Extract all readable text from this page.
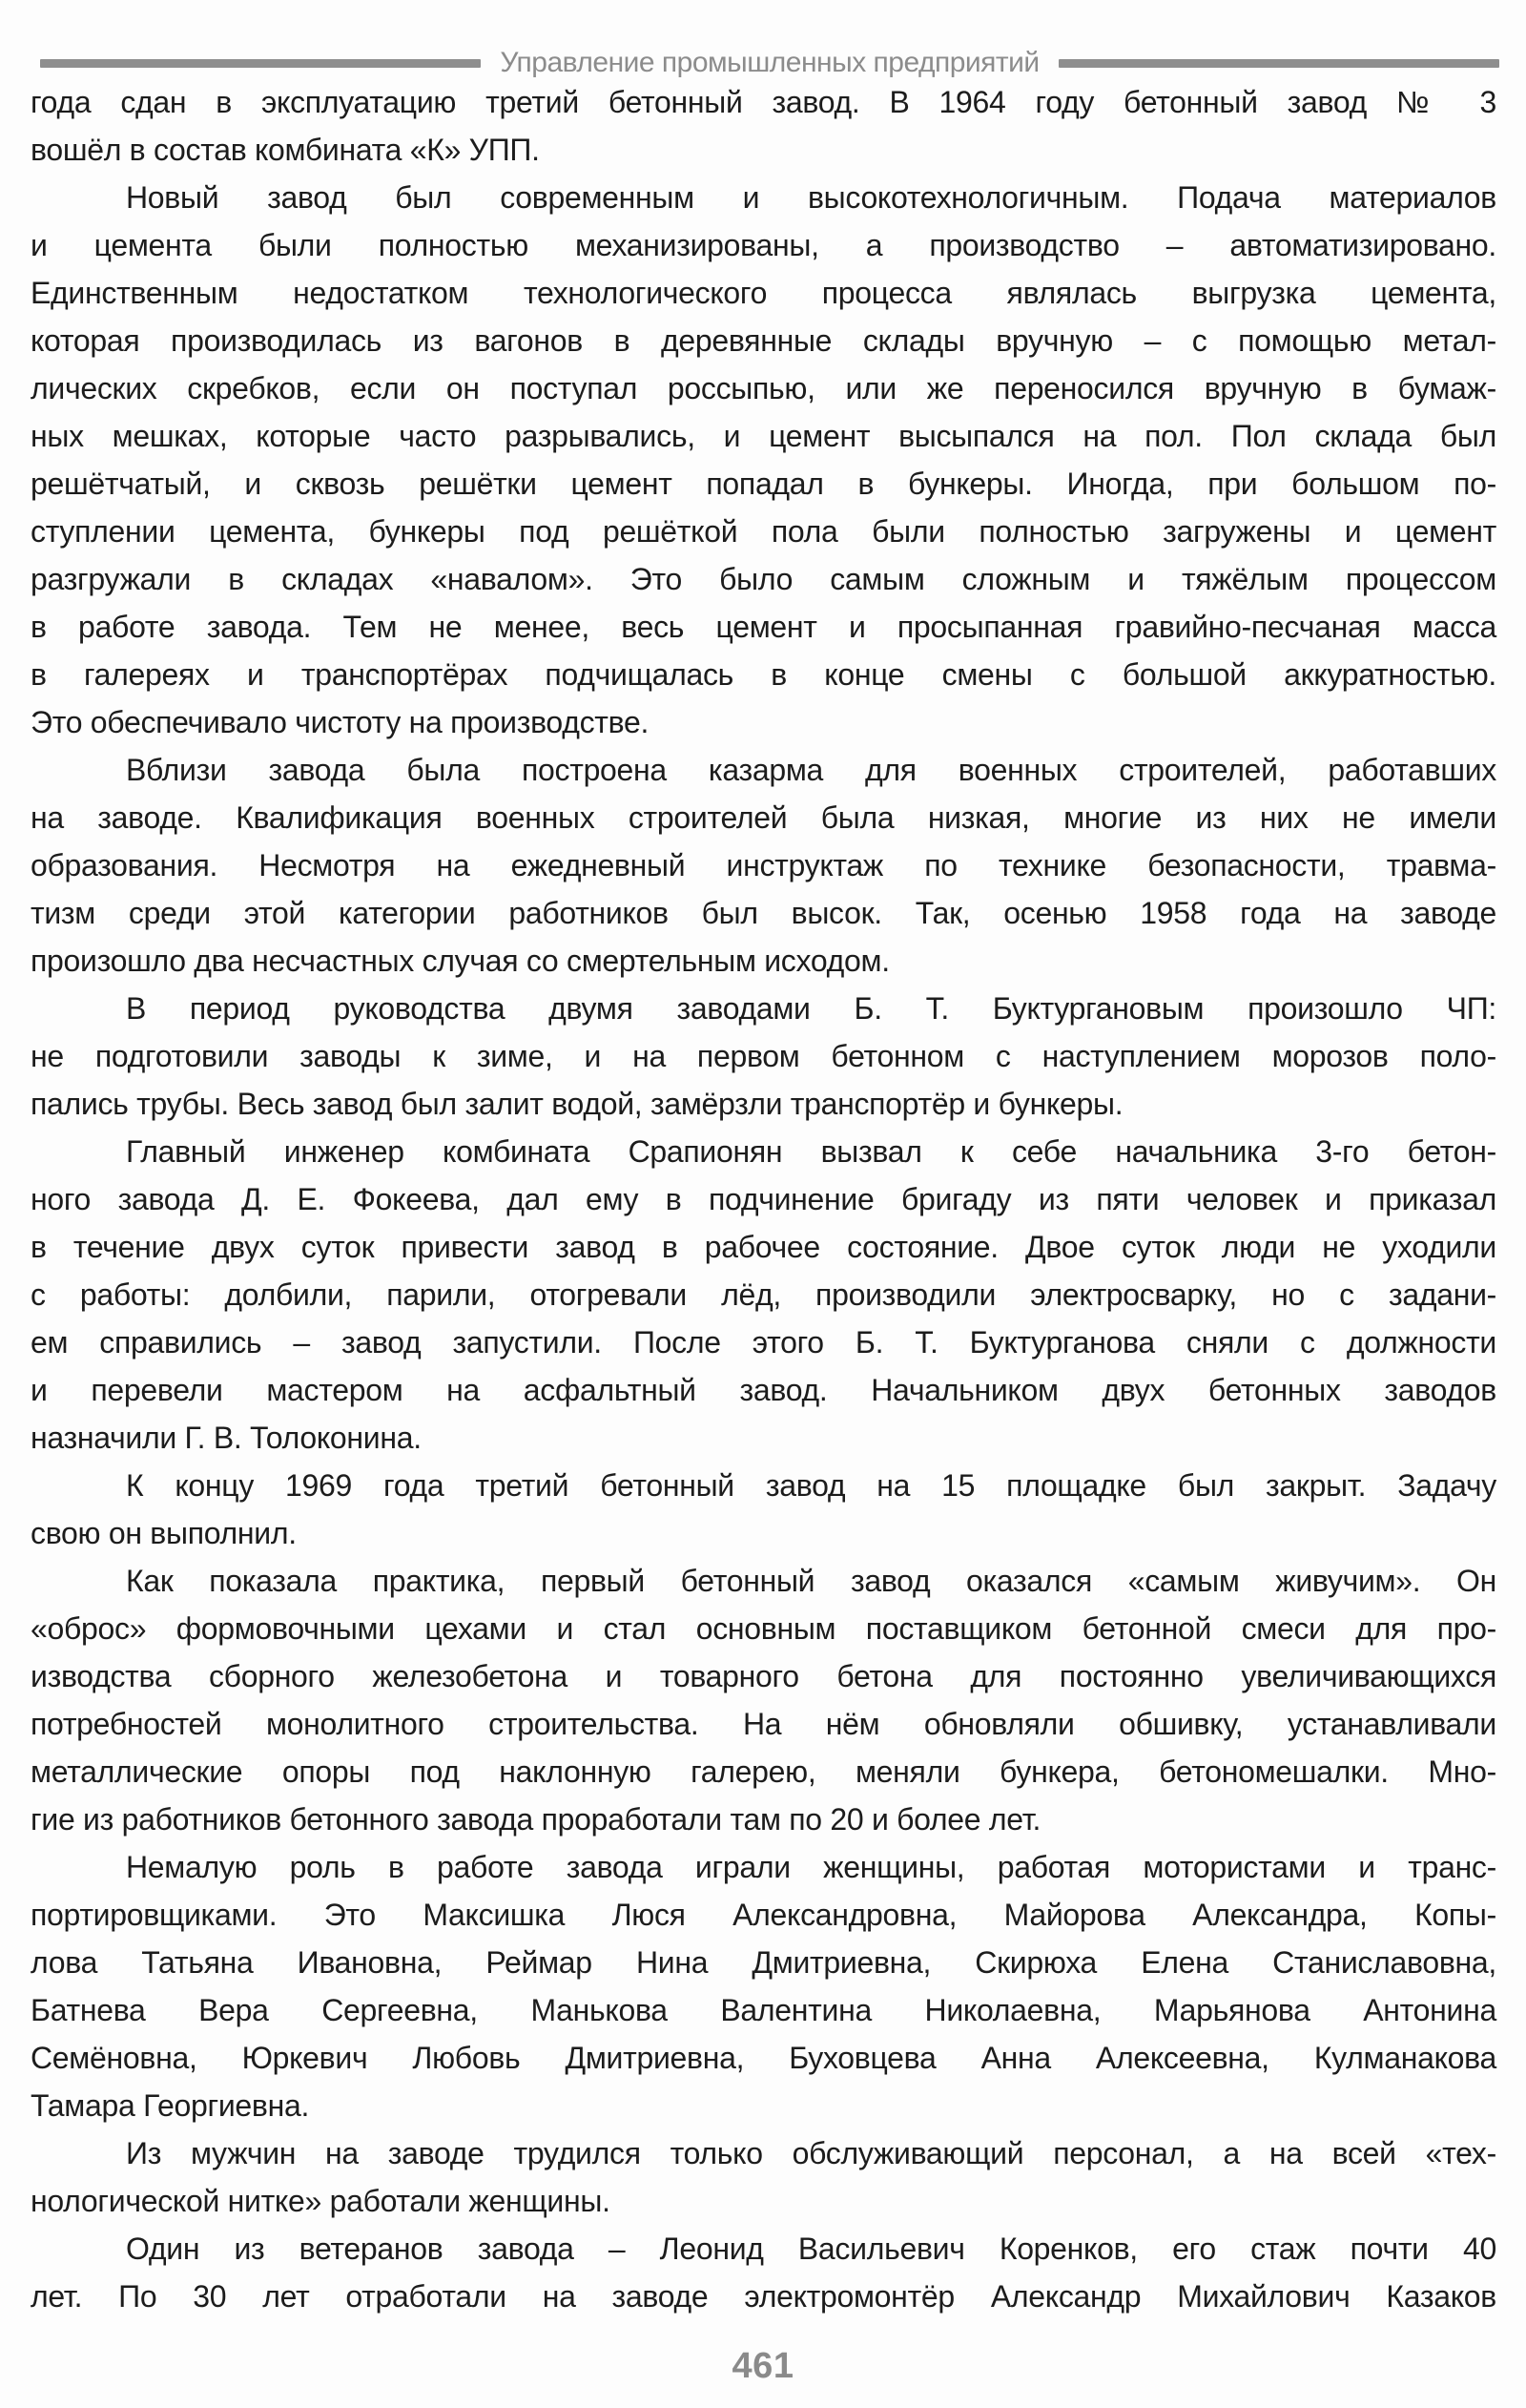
Управление промышленных предприятий
года сдан в эксплуатацию третий бетонный завод. В 1964 году бетонный завод № 3
вошёл в состав комбината «К» УПП.
Новый завод был современным и высокотехнологичным. Подача материалов
и цемента были полностью механизированы, а производство – автоматизировано.
Единственным недостатком технологического процесса являлась выгрузка цемента,
которая производилась из вагонов в деревянные склады вручную – с помощью метал-
лических скребков, если он поступал россыпью, или же переносился вручную в бумаж-
ных мешках, которые часто разрывались, и цемент высыпался на пол. Пол склада был
решётчатый, и сквозь решётки цемент попадал в бункеры. Иногда, при большом по-
ступлении цемента, бункеры под решёткой пола были полностью загружены и цемент
разгружали в складах «навалом». Это было самым сложным и тяжёлым процессом
в работе завода. Тем не менее, весь цемент и просыпанная гравийно-песчаная масса
в галереях и транспортёрах подчищалась в конце смены с большой аккуратностью.
Это обеспечивало чистоту на производстве.
Вблизи завода была построена казарма для военных строителей, работавших
на заводе. Квалификация военных строителей была низкая, многие из них не имели
образования. Несмотря на ежедневный инструктаж по технике безопасности, травма-
тизм среди этой категории работников был высок. Так, осенью 1958 года на заводе
произошло два несчастных случая со смертельным исходом.
В период руководства двумя заводами Б. Т. Буктургановым произошло ЧП:
не подготовили заводы к зиме, и на первом бетонном с наступлением морозов поло-
пались трубы. Весь завод был залит водой, замёрзли транспортёр и бункеры.
Главный инженер комбината Срапионян вызвал к себе начальника 3-го бетон-
ного завода Д. Е. Фокеева, дал ему в подчинение бригаду из пяти человек и приказал
в течение двух суток привести завод в рабочее состояние. Двое суток люди не уходили
с работы: долбили, парили, отогревали лёд, производили электросварку, но с задани-
ем справились – завод запустили. После этого Б. Т. Буктурганова сняли с должности
и перевели мастером на асфальтный завод. Начальником двух бетонных заводов
назначили Г. В. Толоконина.
К концу 1969 года третий бетонный завод на 15 площадке был закрыт. Задачу
свою он выполнил.
Как показала практика, первый бетонный завод оказался «самым живучим». Он
«оброс» формовочными цехами и стал основным поставщиком бетонной смеси для про-
изводства сборного железобетона и товарного бетона для постоянно увеличивающихся
потребностей монолитного строительства. На нём обновляли обшивку, устанавливали
металлические опоры под наклонную галерею, меняли бункера, бетономешалки. Мно-
гие из работников бетонного завода проработали там по 20 и более лет.
Немалую роль в работе завода играли женщины, работая мотористами и транс-
портировщиками. Это Максишка Люся Александровна, Майорова Александра, Копы-
лова Татьяна Ивановна, Реймар Нина Дмитриевна, Скирюха Елена Станиславовна,
Батнева Вера Сергеевна, Манькова Валентина Николаевна, Марьянова Антонина
Семёновна, Юркевич Любовь Дмитриевна, Буховцева Анна Алексеевна, Кулманакова
Тамара Георгиевна.
Из мужчин на заводе трудился только обслуживающий персонал, а на всей «тех-
нологической нитке» работали женщины.
Один из ветеранов завода – Леонид Васильевич Коренков, его стаж почти 40
лет. По 30 лет отработали на заводе электромонтёр Александр Михайлович Казаков
461
